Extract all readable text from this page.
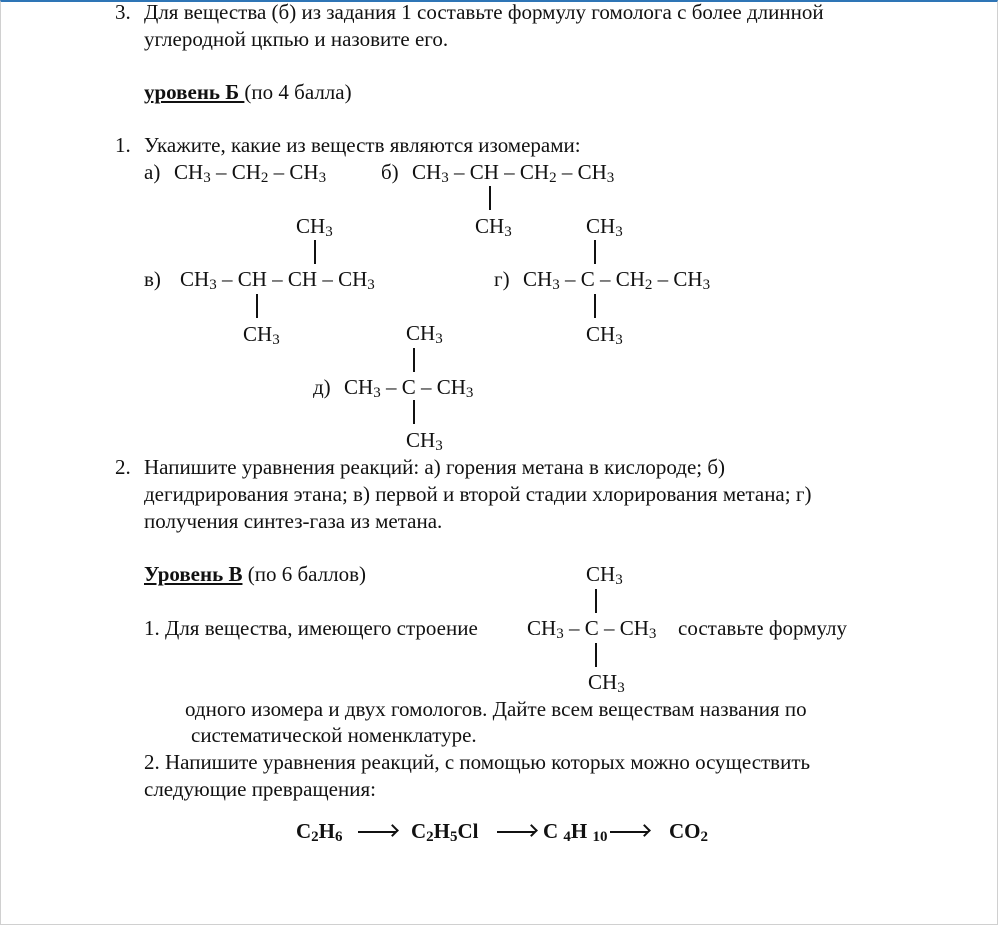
3. Для вещества (б) из задания 1 составьте формулу гомолога с более длинной
углеродной цкпью и назовите его.
уровень Б (по 4 балла)
1. Укажите, какие из веществ являются изомерами:
а) $CH_3 - CH_2 - CH_3$	б) $CH_3$ – CH – $CH_2 - CH_3$
$CH_3$
$CH_3$
в) $CH_3$ – CH – CH – $CH_3$
$CH_3$
$CH_3$
г) $CH_3$ – C – $CH_2 - CH_3$
$CH_3$
$CH_3$
д) $CH_3$ – C – $CH_3$
$CH_3$
2. Напишите уравнения реакций: а) горения метана в кислороде; б)
дегидрирования этана; в) первой и второй стадии хлорирования метана; г)
получения синтез-газа из метана.
Уровень В (по 6 баллов)	$CH_3$
1. Для вещества, имеющего строение $CH_3$ – C – $CH_3$ составьте формулу
$CH_3$
одного изомера и двух гомологов. Дайте всем веществам названия по
систематической номенклатуре.
2. Напишите уравнения реакций, с помощью которых можно осуществить
следующие превращения:
$C_2H_6$	$C_2H_5Cl$	C $_4$H $_{10}$	$CO_2$
